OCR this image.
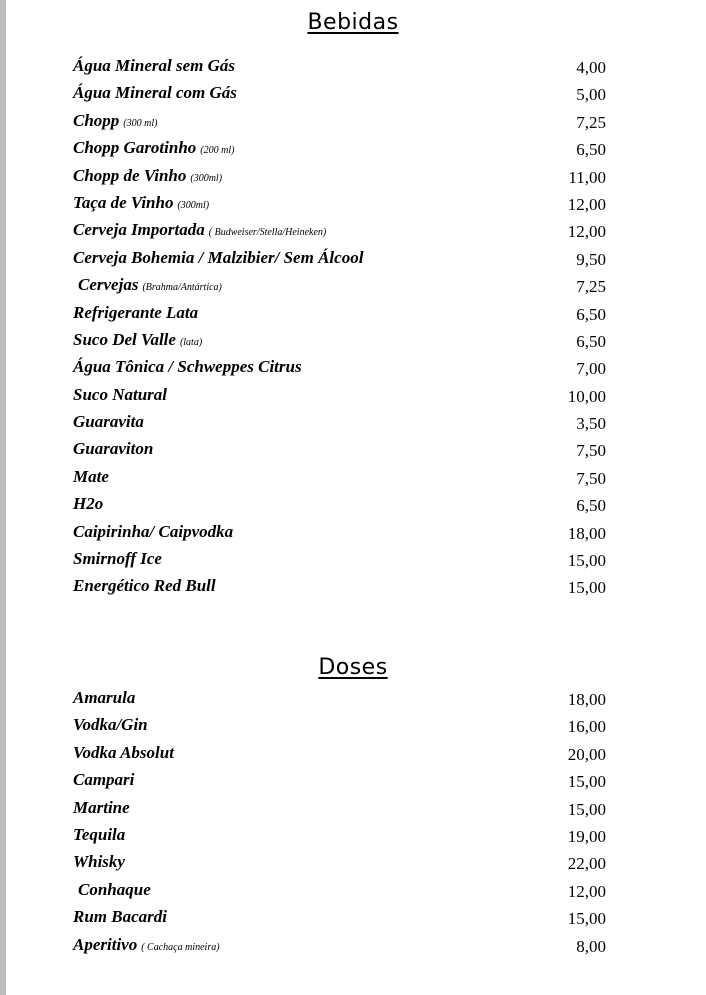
Bebidas
Água Mineral sem Gás	4,00
Água Mineral com Gás	5,00
Chopp (300 ml)	7,25
Chopp Garotinho (200 ml)	6,50
Chopp de Vinho (300ml)	11,00
Taça de Vinho (300ml)	12,00
Cerveja Importada ( Budweiser/Stella/Heineken)	12,00
Cerveja Bohemia / Malzibier/ Sem Álcool	9,50
Cervejas (Brahma/Antártica)	7,25
Refrigerante Lata	6,50
Suco Del Valle (lata)	6,50
Água Tônica / Schweppes Citrus	7,00
Suco Natural	10,00
Guaravita	3,50
Guaraviton	7,50
Mate	7,50
H2o	6,50
Caipirinha/ Caipvodka	18,00
Smirnoff Ice	15,00
Energético Red Bull	15,00
Doses
Amarula	18,00
Vodka/Gin	16,00
Vodka Absolut	20,00
Campari	15,00
Martine	15,00
Tequila	19,00
Whisky	22,00
Conhaque	12,00
Rum Bacardi	15,00
Aperitivo ( Cachaça mineira)	8,00
